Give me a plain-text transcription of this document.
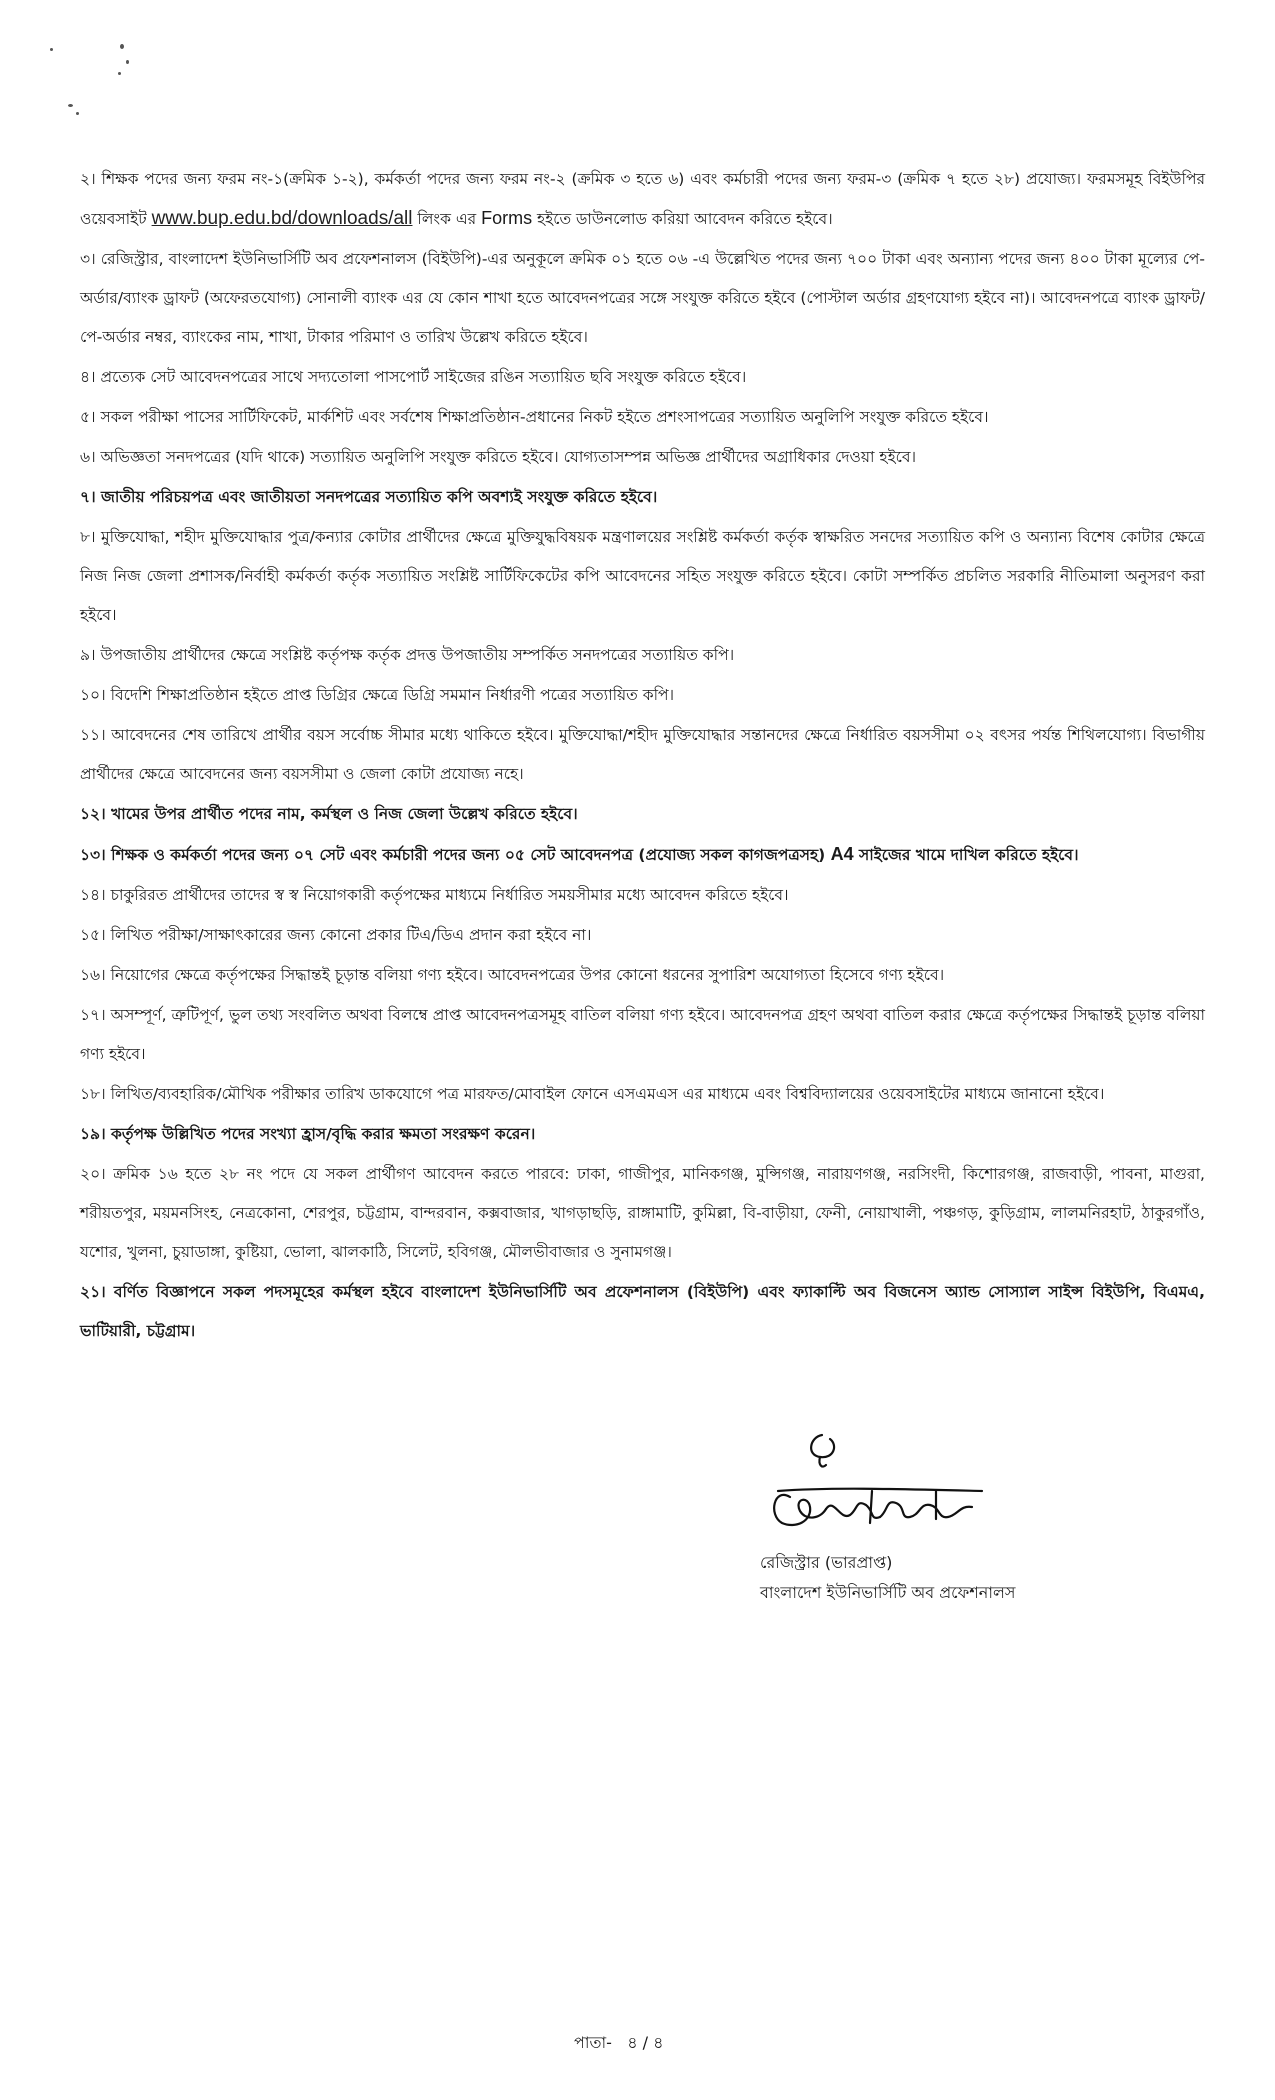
২। শিক্ষক পদের জন্য ফরম নং-১(ক্রমিক ১-২), কর্মকর্তা পদের জন্য ফরম নং-২ (ক্রমিক ৩ হতে ৬) এবং কর্মচারী পদের জন্য ফরম-৩ (ক্রমিক ৭ হতে ২৮) প্রযোজ্য। ফরমসমূহ বিইউপির ওয়েবসাইট www.bup.edu.bd/downloads/all লিংক এর Forms হইতে ডাউনলোড করিয়া আবেদন করিতে হইবে।

৩। রেজিস্ট্রার, বাংলাদেশ ইউনিভার্সিটি অব প্রফেশনালস (বিইউপি)-এর অনুকূলে ক্রমিক ০১ হতে ০৬ -এ উল্লেখিত পদের জন্য ৭০০ টাকা এবং অন্যান্য পদের জন্য ৪০০ টাকা মূল্যের পে-অর্ডার/ব্যাংক ড্রাফট (অফেরতযোগ্য) সোনালী ব্যাংক এর যে কোন শাখা হতে আবেদনপত্রের সঙ্গে সংযুক্ত করিতে হইবে (পোস্টাল অর্ডার গ্রহণযোগ্য হইবে না)। আবেদনপত্রে ব্যাংক ড্রাফট/পে-অর্ডার নম্বর, ব্যাংকের নাম, শাখা, টাকার পরিমাণ ও তারিখ উল্লেখ করিতে হইবে।

৪। প্রত্যেক সেট আবেদনপত্রের সাথে সদ্যতোলা পাসপোর্ট সাইজের রঙিন সত্যায়িত ছবি সংযুক্ত করিতে হইবে।

৫। সকল পরীক্ষা পাসের সার্টিফিকেট, মার্কশিট এবং সর্বশেষ শিক্ষাপ্রতিষ্ঠান-প্রধানের নিকট হইতে প্রশংসাপত্রের সত্যায়িত অনুলিপি সংযুক্ত করিতে হইবে।

৬। অভিজ্ঞতা সনদপত্রের (যদি থাকে) সত্যায়িত অনুলিপি সংযুক্ত করিতে হইবে। যোগ্যতাসম্পন্ন অভিজ্ঞ প্রার্থীদের অগ্রাধিকার দেওয়া হইবে।

৭। জাতীয় পরিচয়পত্র এবং জাতীয়তা সনদপত্রের সত্যায়িত কপি অবশ্যই সংযুক্ত করিতে হইবে।

৮। মুক্তিযোদ্ধা, শহীদ মুক্তিযোদ্ধার পুত্র/কন্যার কোটার প্রার্থীদের ক্ষেত্রে মুক্তিযুদ্ধবিষয়ক মন্ত্রণালয়ের সংশ্লিষ্ট কর্মকর্তা কর্তৃক স্বাক্ষরিত সনদের সত্যায়িত কপি ও অন্যান্য বিশেষ কোটার ক্ষেত্রে নিজ নিজ জেলা প্রশাসক/নির্বাহী কর্মকর্তা কর্তৃক সত্যায়িত সংশ্লিষ্ট সার্টিফিকেটের কপি আবেদনের সহিত সংযুক্ত করিতে হইবে। কোটা সম্পর্কিত প্রচলিত সরকারি নীতিমালা অনুসরণ করা হইবে।

৯। উপজাতীয় প্রার্থীদের ক্ষেত্রে সংশ্লিষ্ট কর্তৃপক্ষ কর্তৃক প্রদত্ত উপজাতীয় সম্পর্কিত সনদপত্রের সত্যায়িত কপি।

১০। বিদেশি শিক্ষাপ্রতিষ্ঠান হইতে প্রাপ্ত ডিগ্রির ক্ষেত্রে ডিগ্রি সমমান নির্ধারণী পত্রের সত্যায়িত কপি।

১১। আবেদনের শেষ তারিখে প্রার্থীর বয়স সর্বোচ্চ সীমার মধ্যে থাকিতে হইবে। মুক্তিযোদ্ধা/শহীদ মুক্তিযোদ্ধার সন্তানদের ক্ষেত্রে নির্ধারিত বয়সসীমা ০২ বৎসর পর্যন্ত শিথিলযোগ্য। বিভাগীয় প্রার্থীদের ক্ষেত্রে আবেদনের জন্য বয়সসীমা ও জেলা কোটা প্রযোজ্য নহে।

১২। খামের উপর প্রার্থীত পদের নাম, কর্মস্থল ও নিজ জেলা উল্লেখ করিতে হইবে।

১৩। শিক্ষক ও কর্মকর্তা পদের জন্য ০৭ সেট এবং কর্মচারী পদের জন্য ০৫ সেট আবেদনপত্র (প্রযোজ্য সকল কাগজপত্রসহ) A4 সাইজের খামে দাখিল করিতে হইবে।

১৪। চাকুরিরত প্রার্থীদের তাদের স্ব স্ব নিয়োগকারী কর্তৃপক্ষের মাধ্যমে নির্ধারিত সময়সীমার মধ্যে আবেদন করিতে হইবে।

১৫। লিখিত পরীক্ষা/সাক্ষাৎকারের জন্য কোনো প্রকার টিএ/ডিএ প্রদান করা হইবে না।

১৬। নিয়োগের ক্ষেত্রে কর্তৃপক্ষের সিদ্ধান্তই চূড়ান্ত বলিয়া গণ্য হইবে। আবেদনপত্রের উপর কোনো ধরনের সুপারিশ অযোগ্যতা হিসেবে গণ্য হইবে।

১৭। অসম্পূর্ণ, ত্রুটিপূর্ণ, ভুল তথ্য সংবলিত অথবা বিলম্বে প্রাপ্ত আবেদনপত্রসমূহ বাতিল বলিয়া গণ্য হইবে। আবেদনপত্র গ্রহণ অথবা বাতিল করার ক্ষেত্রে কর্তৃপক্ষের সিদ্ধান্তই চূড়ান্ত বলিয়া গণ্য হইবে।

১৮। লিখিত/ব্যবহারিক/মৌখিক পরীক্ষার তারিখ ডাকযোগে পত্র মারফত/মোবাইল ফোনে এসএমএস এর মাধ্যমে এবং বিশ্ববিদ্যালয়ের ওয়েবসাইটের মাধ্যমে জানানো হইবে।

১৯। কর্তৃপক্ষ উল্লিখিত পদের সংখ্যা হ্রাস/বৃদ্ধি করার ক্ষমতা সংরক্ষণ করেন।

২০। ক্রমিক ১৬ হতে ২৮ নং পদে যে সকল প্রার্থীগণ আবেদন করতে পারবে: ঢাকা, গাজীপুর, মানিকগঞ্জ, মুন্সিগঞ্জ, নারায়ণগঞ্জ, নরসিংদী, কিশোরগঞ্জ, রাজবাড়ী, পাবনা, মাগুরা, শরীয়তপুর, ময়মনসিংহ, নেত্রকোনা, শেরপুর, চট্টগ্রাম, বান্দরবান, কক্সবাজার, খাগড়াছড়ি, রাঙ্গামাটি, কুমিল্লা, বি-বাড়ীয়া, ফেনী, নোয়াখালী, পঞ্চগড়, কুড়িগ্রাম, লালমনিরহাট, ঠাকুরগাঁও, যশোর, খুলনা, চুয়াডাঙ্গা, কুষ্টিয়া, ভোলা, ঝালকাঠি, সিলেট, হবিগঞ্জ, মৌলভীবাজার ও সুনামগঞ্জ।

২১। বর্ণিত বিজ্ঞাপনে সকল পদসমূহের কর্মস্থল হইবে বাংলাদেশ ইউনিভার্সিটি অব প্রফেশনালস (বিইউপি) এবং ফ্যাকাল্টি অব বিজনেস অ্যান্ড সোস্যাল সাইন্স বিইউপি, বিএমএ, ভাটিয়ারী, চট্টগ্রাম।

রেজিস্ট্রার (ভারপ্রাপ্ত)
বাংলাদেশ ইউনিভার্সিটি অব প্রফেশনালস
পাতা- ৪ / ৪
